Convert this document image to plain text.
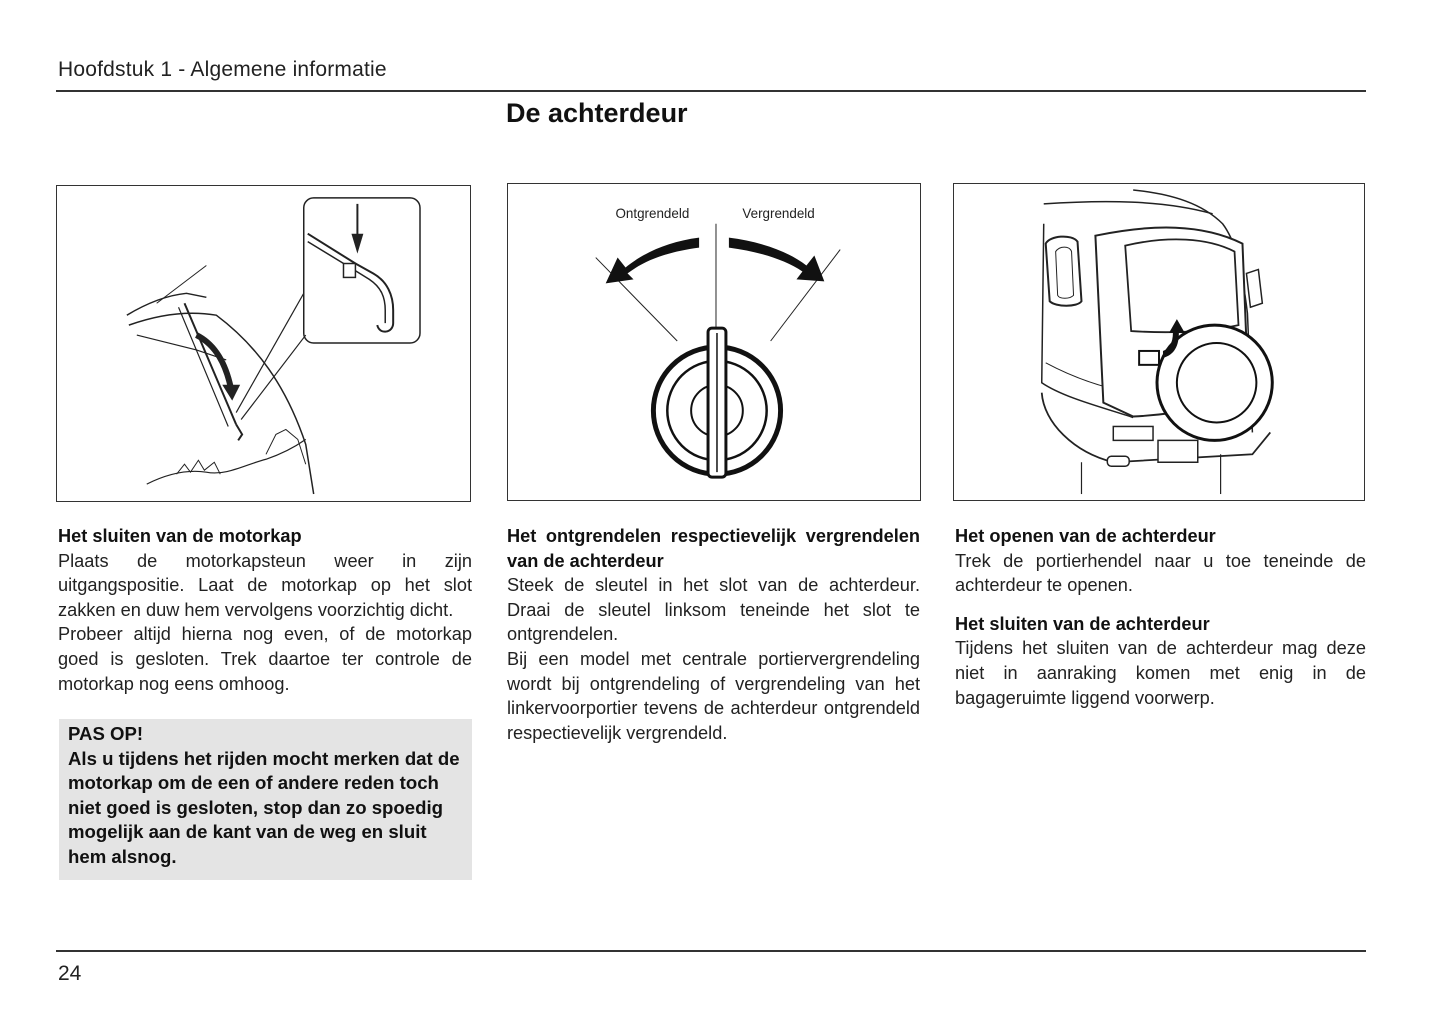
Hoofdstuk 1 - Algemene informatie
De achterdeur
Ontgrendeld	Vergrendeld
Het sluiten van de motorkap

Plaats de motorkapsteun weer in zijn uitgangspositie. Laat de motorkap op het slot zakken en duw hem vervolgens voorzichtig dicht.

Probeer altijd hierna nog even, of de motorkap goed is gesloten. Trek daartoe ter controle de motorkap nog eens omhoog.

PAS OP!
Als u tijdens het rijden mocht merken dat de motorkap om de een of andere reden toch niet goed is gesloten, stop dan zo spoedig mogelijk aan de kant van de weg en sluit hem alsnog.
Het ontgrendelen respectievelijk vergrendelen van de achterdeur

Steek de sleutel in het slot van de achterdeur. Draai de sleutel linksom teneinde het slot te ontgrendelen.

Bij een model met centrale portiervergrendeling wordt bij ontgrendeling of vergrendeling van het linkervoorportier tevens de achterdeur ontgrendeld respectievelijk vergrendeld.

Het openen van de achterdeur

Trek de portierhendel naar u toe teneinde de achterdeur te openen.

Het sluiten van de achterdeur

Tijdens het sluiten van de achterdeur mag deze niet in aanraking komen met enig in de bagageruimte liggend voorwerp.

24
